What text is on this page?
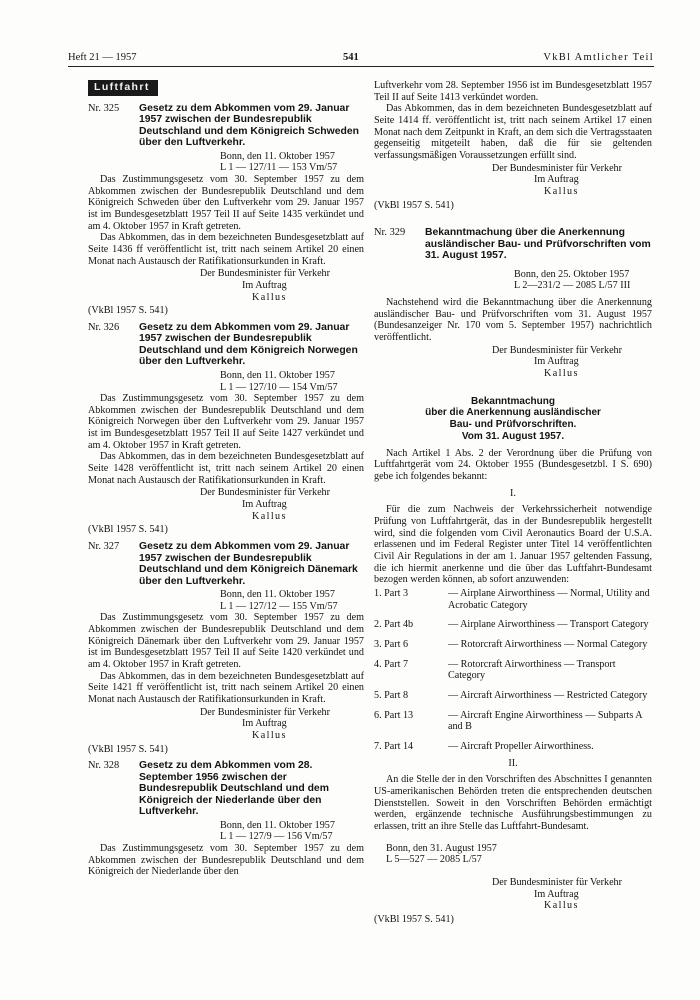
Heft 21 — 1957	541	VkBl Amtlicher Teil
Luftfahrt
Nr. 325	Gesetz zu dem Abkommen vom 29. Januar 1957 zwischen der Bundesrepublik Deutschland und dem Königreich Schweden über den Luftverkehr.
Bonn, den 11. Oktober 1957
L 1 — 127/11 — 153 Vm/57

Das Zustimmungsgesetz vom 30. September 1957 zu dem Abkommen zwischen der Bundesrepublik Deutschland und dem Königreich Schweden über den Luftverkehr vom 29. Januar 1957 ist im Bundesgesetzblatt 1957 Teil II auf Seite 1435 verkündet und am 4. Oktober 1957 in Kraft getreten.

Das Abkommen, das in dem bezeichneten Bundesgesetzblatt auf Seite 1436 ff veröffentlicht ist, tritt nach seinem Artikel 20 einen Monat nach Austausch der Ratifikationsurkunden in Kraft.

Der Bundesminister für Verkehr
Im Auftrag
Kallus
(VkBl 1957 S. 541)
Nr. 326	Gesetz zu dem Abkommen vom 29. Januar 1957 zwischen der Bundesrepublik Deutschland und dem Königreich Norwegen über den Luftverkehr.
Bonn, den 11. Oktober 1957
L 1 — 127/10 — 154 Vm/57

Das Zustimmungsgesetz vom 30. September 1957 zu dem Abkommen zwischen der Bundesrepublik Deutschland und dem Königreich Norwegen über den Luftverkehr vom 29. Januar 1957 ist im Bundesgesetzblatt 1957 Teil II auf Seite 1427 verkündet und am 4. Oktober 1957 in Kraft getreten.

Das Abkommen, das in dem bezeichneten Bundesgesetzblatt auf Seite 1428 veröffentlicht ist, tritt nach seinem Artikel 20 einen Monat nach Austausch der Ratifikationsurkunden in Kraft.

Der Bundesminister für Verkehr
Im Auftrag
Kallus
(VkBl 1957 S. 541)
Nr. 327	Gesetz zu dem Abkommen vom 29. Januar 1957 zwischen der Bundesrepublik Deutschland und dem Königreich Dänemark über den Luftverkehr.
Bonn, den 11. Oktober 1957
L 1 — 127/12 — 155 Vm/57

Das Zustimmungsgesetz vom 30. September 1957 zu dem Abkommen zwischen der Bundesrepublik Deutschland und dem Königreich Dänemark über den Luftverkehr vom 29. Januar 1957 ist im Bundesgesetzblatt 1957 Teil II auf Seite 1420 verkündet und am 4. Oktober 1957 in Kraft getreten.

Das Abkommen, das in dem bezeichneten Bundesgesetzblatt auf Seite 1421 ff veröffentlicht ist, tritt nach seinem Artikel 20 einen Monat nach Austausch der Ratifikationsurkunden in Kraft.

Der Bundesminister für Verkehr
Im Auftrag
Kallus
(VkBl 1957 S. 541)
Nr. 328	Gesetz zu dem Abkommen vom 28. September 1956 zwischen der Bundesrepublik Deutschland und dem Königreich der Niederlande über den Luftverkehr.
Bonn, den 11. Oktober 1957
L 1 — 127/9 — 156 Vm/57

Das Zustimmungsgesetz vom 30. September 1957 zu dem Abkommen zwischen der Bundesrepublik Deutschland und dem Königreich der Niederlande über den

Luftverkehr vom 28. September 1956 ist im Bundesgesetzblatt 1957 Teil II auf Seite 1413 verkündet worden.

Das Abkommen, das in dem bezeichneten Bundesgesetzblatt auf Seite 1414 ff. veröffentlicht ist, tritt nach seinem Artikel 17 einen Monat nach dem Zeitpunkt in Kraft, an dem sich die Vertragsstaaten gegenseitig mitgeteilt haben, daß die für sie geltenden verfassungsmäßigen Voraussetzungen erfüllt sind.

Der Bundesminister für Verkehr
Im Auftrag
Kallus
(VkBl 1957 S. 541)
Nr. 329	Bekanntmachung über die Anerkennung ausländischer Bau- und Prüfvorschriften vom 31. August 1957.
Bonn, den 25. Oktober 1957
L 2—231/2 — 2085 L/57 III

Nachstehend wird die Bekanntmachung über die Anerkennung ausländischer Bau- und Prüfvorschriften vom 31. August 1957 (Bundesanzeiger Nr. 170 vom 5. September 1957) nachrichtlich veröffentlicht.

Der Bundesminister für Verkehr
Im Auftrag
Kallus
Bekanntmachung
über die Anerkennung ausländischer
Bau- und Prüfvorschriften.
Vom 31. August 1957.

Nach Artikel 1 Abs. 2 der Verordnung über die Prüfung von Luftfahrtgerät vom 24. Oktober 1955 (Bundesgesetzbl. I S. 690) gebe ich folgendes bekannt:

I.

Für die zum Nachweis der Verkehrssicherheit notwendige Prüfung von Luftfahrtgerät, das in der Bundesrepublik hergestellt wird, sind die folgenden vom Civil Aeronautics Board der U.S.A. erlassenen und im Federal Register unter Titel 14 veröffentlichten Civil Air Regulations in der am 1. Januar 1957 geltenden Fassung, die ich hiermit anerkenne und die über das Luftfahrt-Bundesamt bezogen werden können, ab sofort anzuwenden:

1. Part 3	— Airplane Airworthiness — Normal, Utility and Acrobatic Category
2. Part 4b	— Airplane Airworthiness — Transport Category
3. Part 6	— Rotorcraft Airworthiness — Normal Category
4. Part 7	— Rotorcraft Airworthiness — Transport Category
5. Part 8	— Aircraft Airworthiness — Restricted Category
6. Part 13	— Aircraft Engine Airworthiness — Subparts A and B
7. Part 14	— Aircraft Propeller Airworthiness.
II.

An die Stelle der in den Vorschriften des Abschnittes I genannten US-amerikanischen Behörden treten die entsprechenden deutschen Dienststellen. Soweit in den Vorschriften Behörden ermächtigt werden, ergänzende technische Ausführungsbestimmungen zu erlassen, tritt an ihre Stelle das Luftfahrt-Bundesamt.

Bonn, den 31. August 1957
L 5—527 — 2085 L/57
Der Bundesminister für Verkehr
Im Auftrag
Kallus
(VkBl 1957 S. 541)
